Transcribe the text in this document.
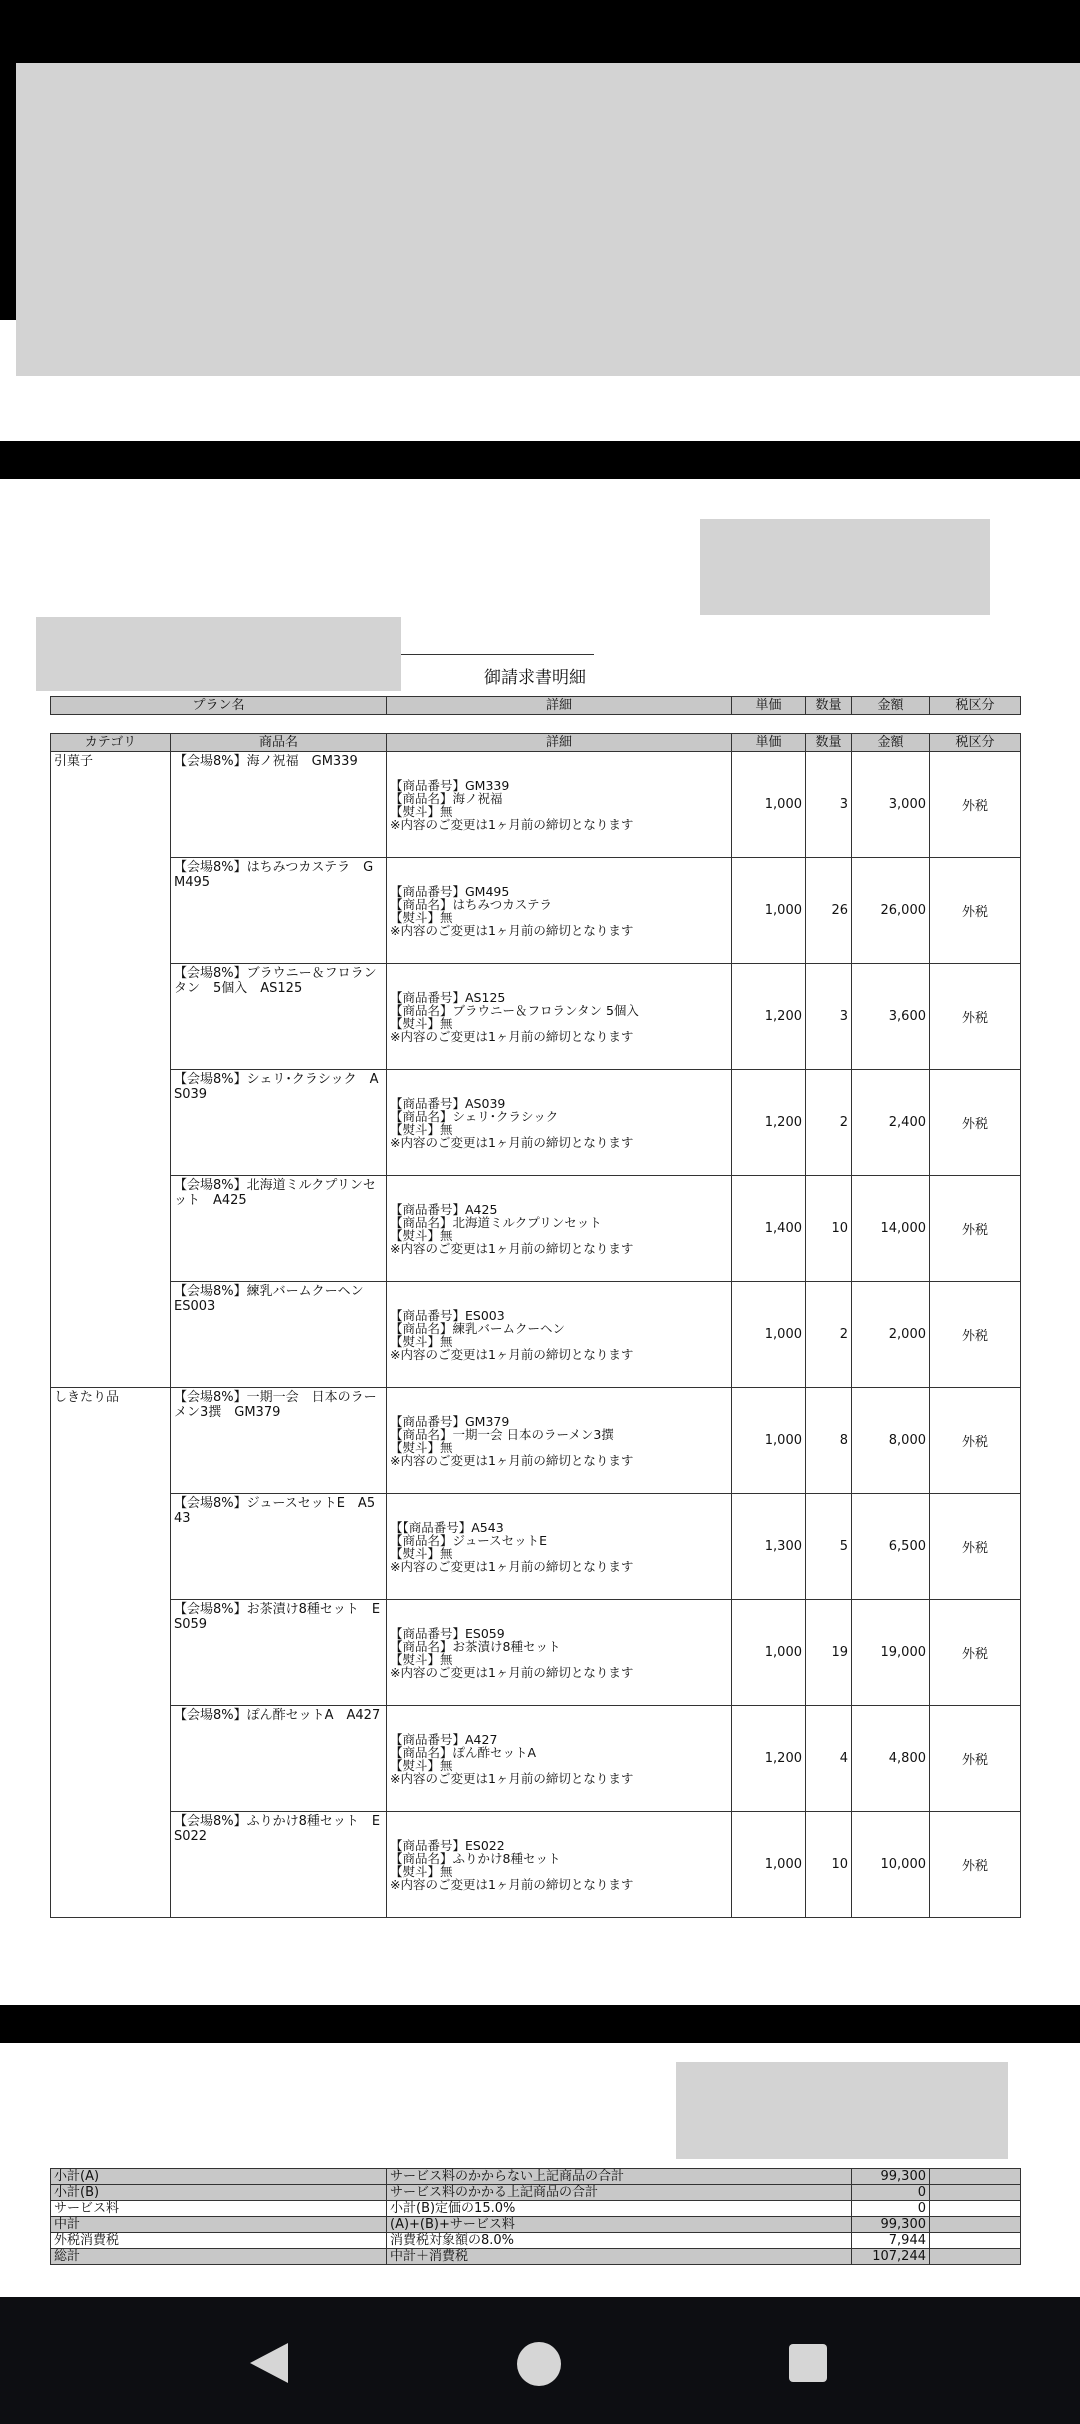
御請求書明細
プラン名	詳細	単価	数量	金額	税区分
カテゴリ	商品名	詳細	単価	数量	金額	税区分
引菓子	【会場8%】海ノ祝福　GM339	【商品番号】GM339
【商品名】海ノ祝福
【熨斗】無
※内容のご変更は1ヶ月前の締切となります	1,000	3	3,000	外税
	【会場8%】はちみつカステラ　GM495	【商品番号】GM495
【商品名】はちみつカステラ
【熨斗】無
※内容のご変更は1ヶ月前の締切となります	1,000	26	26,000	外税
	【会場8%】ブラウニー＆フロランタン　5個入　AS125	【商品番号】AS125
【商品名】ブラウニー＆フロランタン 5個入
【熨斗】無
※内容のご変更は1ヶ月前の締切となります	1,200	3	3,600	外税
	【会場8%】シェリ･クラシック　AS039	【商品番号】AS039
【商品名】シェリ･クラシック
【熨斗】無
※内容のご変更は1ヶ月前の締切となります	1,200	2	2,400	外税
	【会場8%】北海道ミルクプリンセット　A425	【商品番号】A425
【商品名】北海道ミルクプリンセット
【熨斗】無
※内容のご変更は1ヶ月前の締切となります	1,400	10	14,000	外税
	【会場8%】練乳バームクーヘン　ES003	【商品番号】ES003
【商品名】練乳バームクーヘン
【熨斗】無
※内容のご変更は1ヶ月前の締切となります	1,000	2	2,000	外税
しきたり品	【会場8%】一期一会　日本のラーメン3撰　GM379	【商品番号】GM379
【商品名】一期一会 日本のラーメン3撰
【熨斗】無
※内容のご変更は1ヶ月前の締切となります	1,000	8	8,000	外税
	【会場8%】ジュースセットE　A543	【【商品番号】A543
【商品名】ジュースセットE
【熨斗】無
※内容のご変更は1ヶ月前の締切となります	1,300	5	6,500	外税
	【会場8%】お茶漬け8種セット　ES059	【商品番号】ES059
【商品名】お茶漬け8種セット
【熨斗】無
※内容のご変更は1ヶ月前の締切となります	1,000	19	19,000	外税
	【会場8%】ぽん酢セットA　A427	【商品番号】A427
【商品名】ぽん酢セットA
【熨斗】無
※内容のご変更は1ヶ月前の締切となります	1,200	4	4,800	外税
	【会場8%】ふりかけ8種セット　ES022	【商品番号】ES022
【商品名】ふりかけ8種セット
【熨斗】無
※内容のご変更は1ヶ月前の締切となります	1,000	10	10,000	外税
小計(A)	サービス料のかからない上記商品の合計	99,300	
小計(B)	サービス料のかかる上記商品の合計	0	
サービス料	小計(B)定価の15.0%	0	
中計	(A)+(B)+サービス料	99,300	
外税消費税	消費税対象額の8.0%	7,944	
総計	中計＋消費税	107,244	
